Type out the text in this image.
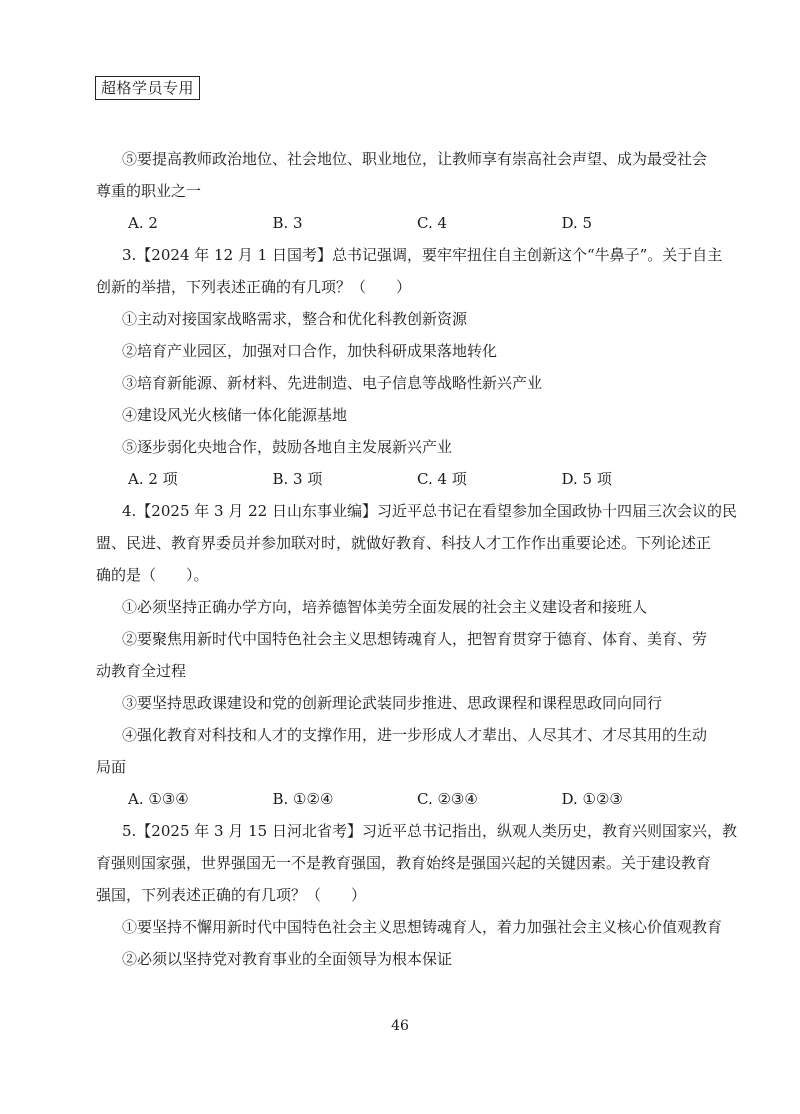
超格学员专用

⑤要提高教师政治地位、社会地位、职业地位，让教师享有崇高社会声望、成为最受社会

尊重的职业之一

A. 2	B. 3	C. 4	D. 5

3.【2024 年 12 月 1 日国考】总书记强调，要牢牢扭住自主创新这个“牛鼻子”。关于自主

创新的举措，下列表述正确的有几项？（　　）

①主动对接国家战略需求，整合和优化科教创新资源

②培育产业园区，加强对口合作，加快科研成果落地转化

③培育新能源、新材料、先进制造、电子信息等战略性新兴产业

④建设风光火核储一体化能源基地

⑤逐步弱化央地合作，鼓励各地自主发展新兴产业

A. 2 项	B. 3 项	C. 4 项	D. 5 项

4.【2025 年 3 月 22 日山东事业编】习近平总书记在看望参加全国政协十四届三次会议的民

盟、民进、教育界委员并参加联对时，就做好教育、科技人才工作作出重要论述。下列论述正

确的是（　　）。

①必须坚持正确办学方向，培养德智体美劳全面发展的社会主义建设者和接班人

②要聚焦用新时代中国特色社会主义思想铸魂育人，把智育贯穿于德育、体育、美育、劳

动教育全过程

③要坚持思政课建设和党的创新理论武装同步推进、思政课程和课程思政同向同行

④强化教育对科技和人才的支撑作用，进一步形成人才辈出、人尽其才、才尽其用的生动

局面

A. ①③④	B. ①②④	C. ②③④	D. ①②③

5.【2025 年 3 月 15 日河北省考】习近平总书记指出，纵观人类历史，教育兴则国家兴，教

育强则国家强，世界强国无一不是教育强国，教育始终是强国兴起的关键因素。关于建设教育

强国，下列表述正确的有几项？（　　）

①要坚持不懈用新时代中国特色社会主义思想铸魂育人，着力加强社会主义核心价值观教育

②必须以坚持党对教育事业的全面领导为根本保证

46
